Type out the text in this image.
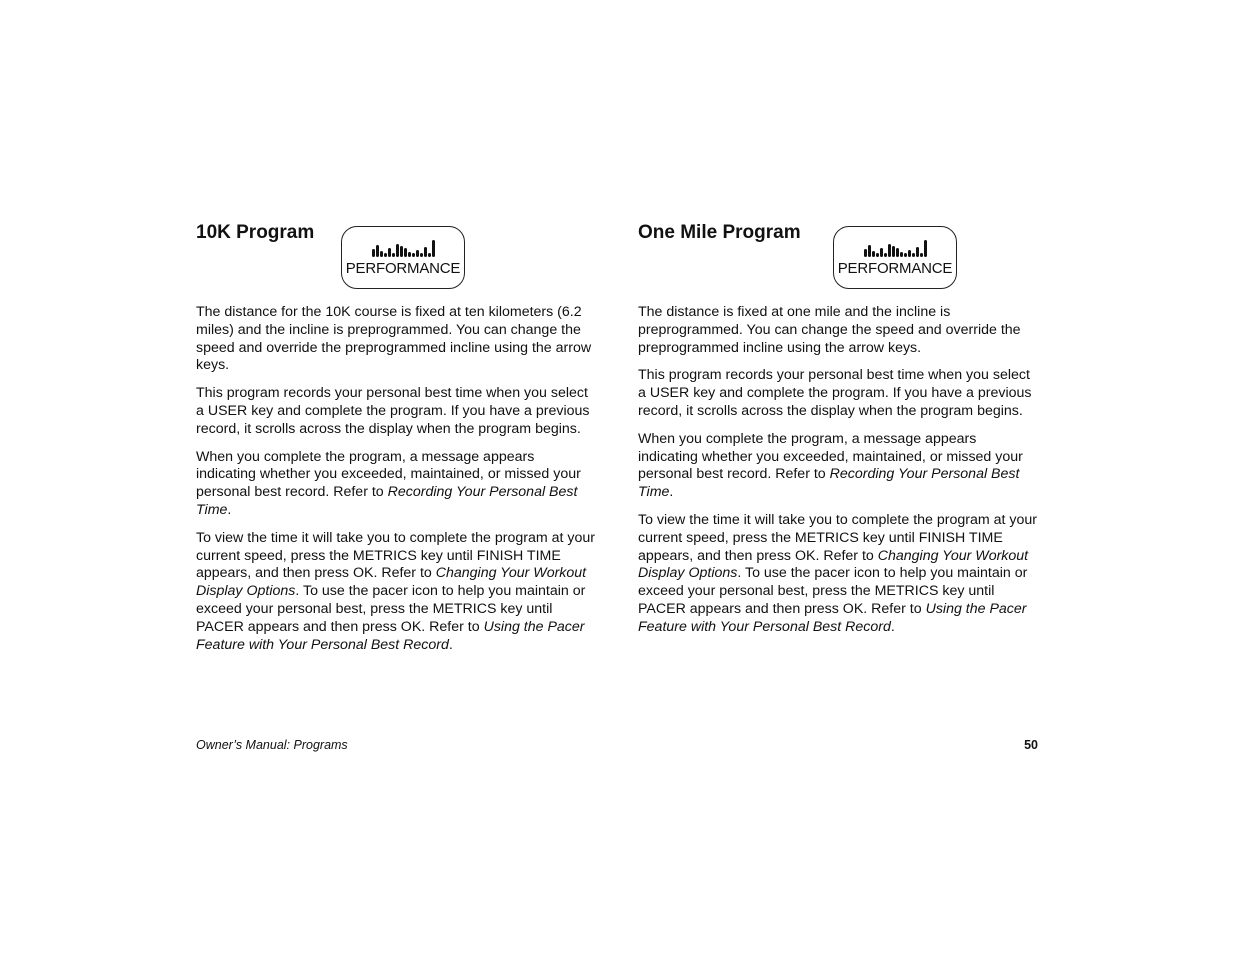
10K Program
PERFORMANCE

The distance for the 10K course is fixed at ten kilometers (6.2 miles) and the incline is preprogrammed. You can change the speed and override the preprogrammed incline using the arrow keys.

This program records your personal best time when you select a USER key and complete the program. If you have a previous record, it scrolls across the display when the program begins.

When you complete the program, a message appears indicating whether you exceeded, maintained, or missed your personal best record. Refer to Recording Your Personal Best Time.

To view the time it will take you to complete the program at your current speed, press the METRICS key until FINISH TIME appears, and then press OK. Refer to Changing Your Workout Display Options. To use the pacer icon to help you maintain or exceed your personal best, press the METRICS key until PACER appears and then press OK. Refer to Using the Pacer Feature with Your Personal Best Record.

One Mile Program
PERFORMANCE

The distance is fixed at one mile and the incline is preprogrammed. You can change the speed and override the preprogrammed incline using the arrow keys.

This program records your personal best time when you select a USER key and complete the program. If you have a previous record, it scrolls across the display when the program begins.

When you complete the program, a message appears indicating whether you exceeded, maintained, or missed your personal best record. Refer to Recording Your Personal Best Time.

To view the time it will take you to complete the program at your current speed, press the METRICS key until FINISH TIME appears, and then press OK. Refer to Changing Your Workout Display Options. To use the pacer icon to help you maintain or exceed your personal best, press the METRICS key until PACER appears and then press OK. Refer to Using the Pacer Feature with Your Personal Best Record.

Owner’s Manual: Programs	50
